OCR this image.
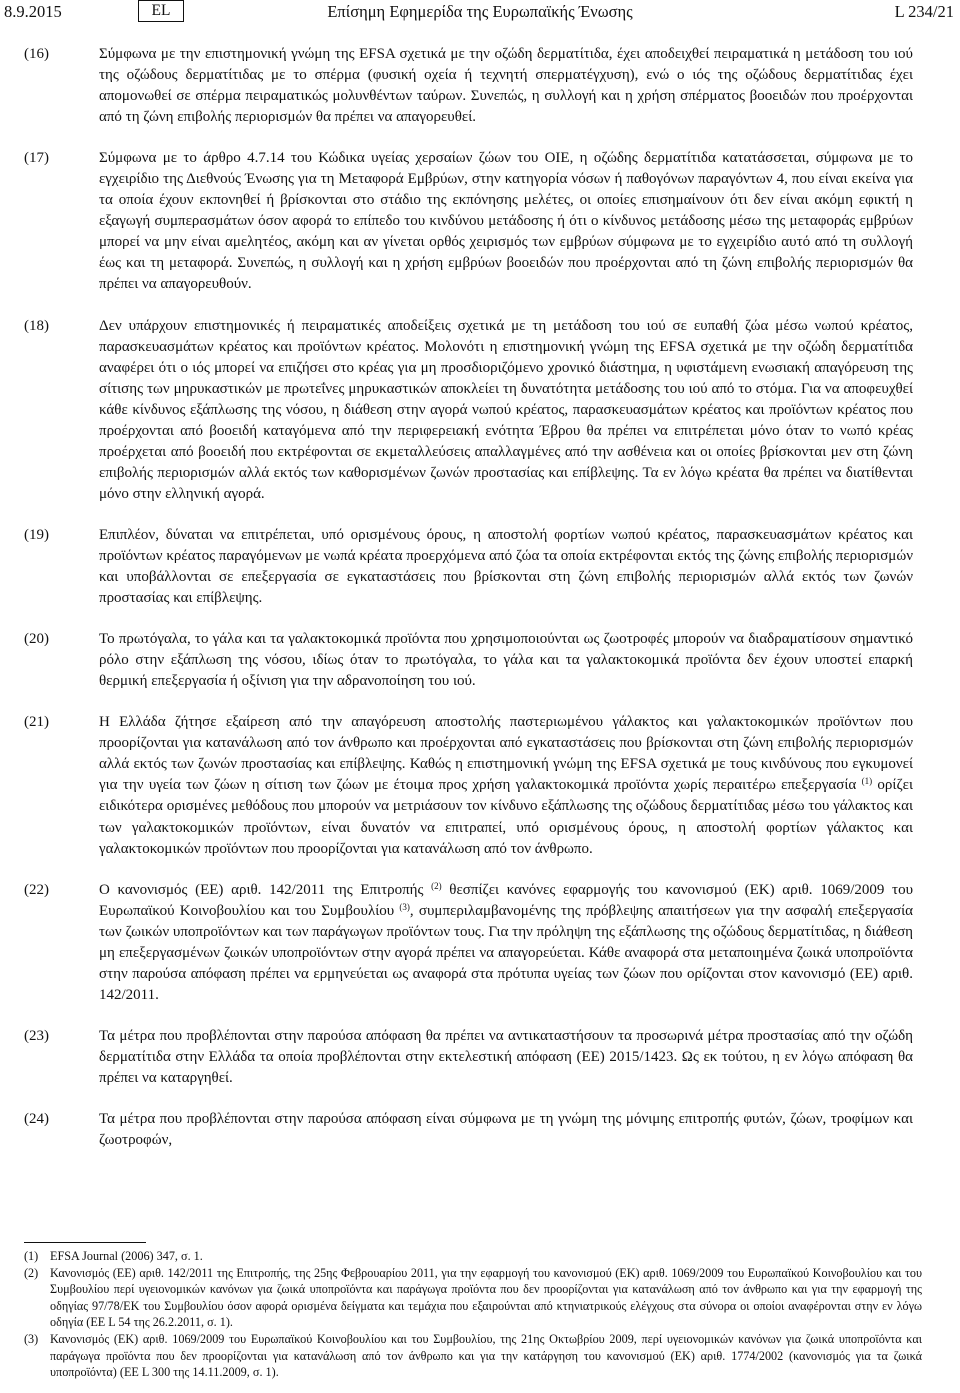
8.9.2015	EL	Επίσημη Εφημερίδα της Ευρωπαϊκής Ένωσης	L 234/21
(16)	Σύμφωνα με την επιστημονική γνώμη της EFSA σχετικά με την οζώδη δερματίτιδα, έχει αποδειχθεί πειραματικά η μετάδοση του ιού της οζώδους δερματίτιδας με το σπέρμα (φυσική οχεία ή τεχνητή σπερματέγχυση), ενώ ο ιός της οζώδους δερματίτιδας έχει απομονωθεί σε σπέρμα πειραματικώς μολυνθέντων ταύρων. Συνεπώς, η συλλογή και η χρήση σπέρματος βοοειδών που προέρχονται από τη ζώνη επιβολής περιορισμών θα πρέπει να απαγορευθεί.
(17)	Σύμφωνα με το άρθρο 4.7.14 του Κώδικα υγείας χερσαίων ζώων του OIE, η οζώδης δερματίτιδα κατατάσσεται, σύμφωνα με το εγχειρίδιο της Διεθνούς Ένωσης για τη Μεταφορά Εμβρύων, στην κατηγορία νόσων ή παθογόνων παραγόντων 4, που είναι εκείνα για τα οποία έχουν εκπονηθεί ή βρίσκονται στο στάδιο της εκπόνησης μελέτες, οι οποίες επισημαίνουν ότι δεν είναι ακόμη εφικτή η εξαγωγή συμπερασμάτων όσον αφορά το επίπεδο του κινδύνου μετάδοσης ή ότι ο κίνδυνος μετάδοσης μέσω της μεταφοράς εμβρύων μπορεί να μην είναι αμελητέος, ακόμη και αν γίνεται ορθός χειρισμός των εμβρύων σύμφωνα με το εγχειρίδιο αυτό από τη συλλογή έως και τη μεταφορά. Συνεπώς, η συλλογή και η χρήση εμβρύων βοοειδών που προέρχονται από τη ζώνη επιβολής περιορισμών θα πρέπει να απαγορευθούν.
(18)	Δεν υπάρχουν επιστημονικές ή πειραματικές αποδείξεις σχετικά με τη μετάδοση του ιού σε ευπαθή ζώα μέσω νωπού κρέατος, παρασκευασμάτων κρέατος και προϊόντων κρέατος. Μολονότι η επιστημονική γνώμη της EFSA σχετικά με την οζώδη δερματίτιδα αναφέρει ότι ο ιός μπορεί να επιζήσει στο κρέας για μη προσδιοριζόμενο χρονικό διάστημα, η υφιστάμενη ενωσιακή απαγόρευση της σίτισης των μηρυκαστικών με πρωτεΐνες μηρυκαστικών αποκλείει τη δυνατότητα μετάδοσης του ιού από το στόμα. Για να αποφευχθεί κάθε κίνδυνος εξάπλωσης της νόσου, η διάθεση στην αγορά νωπού κρέατος, παρασκευασμάτων κρέατος και προϊόντων κρέατος που προέρχονται από βοοειδή καταγόμενα από την περιφερειακή ενότητα Έβρου θα πρέπει να επιτρέπεται μόνο όταν το νωπό κρέας προέρχεται από βοοειδή που εκτρέφονται σε εκμεταλλεύσεις απαλλαγμένες από την ασθένεια και οι οποίες βρίσκονται μεν στη ζώνη επιβολής περιορισμών αλλά εκτός των καθορισμένων ζωνών προστασίας και επίβλεψης. Τα εν λόγω κρέατα θα πρέπει να διατίθενται μόνο στην ελληνική αγορά.
(19)	Επιπλέον, δύναται να επιτρέπεται, υπό ορισμένους όρους, η αποστολή φορτίων νωπού κρέατος, παρασκευασμάτων κρέατος και προϊόντων κρέατος παραγόμενων με νωπά κρέατα προερχόμενα από ζώα τα οποία εκτρέφονται εκτός της ζώνης επιβολής περιορισμών και υποβάλλονται σε επεξεργασία σε εγκαταστάσεις που βρίσκονται στη ζώνη επιβολής περιορισμών αλλά εκτός των ζωνών προστασίας και επίβλεψης.
(20)	Το πρωτόγαλα, το γάλα και τα γαλακτοκομικά προϊόντα που χρησιμοποιούνται ως ζωοτροφές μπορούν να διαδραματίσουν σημαντικό ρόλο στην εξάπλωση της νόσου, ιδίως όταν το πρωτόγαλα, το γάλα και τα γαλακτοκομικά προϊόντα δεν έχουν υποστεί επαρκή θερμική επεξεργασία ή οξίνιση για την αδρανοποίηση του ιού.
(21)	Η Ελλάδα ζήτησε εξαίρεση από την απαγόρευση αποστολής παστεριωμένου γάλακτος και γαλακτοκομικών προϊόντων που προορίζονται για κατανάλωση από τον άνθρωπο και προέρχονται από εγκαταστάσεις που βρίσκονται στη ζώνη επιβολής περιορισμών αλλά εκτός των ζωνών προστασίας και επίβλεψης. Καθώς η επιστημονική γνώμη της EFSA σχετικά με τους κινδύνους που εγκυμονεί για την υγεία των ζώων η σίτιση των ζώων με έτοιμα προς χρήση γαλακτοκομικά προϊόντα χωρίς περαιτέρω επεξεργασία $^{(1)}$ ορίζει ειδικότερα ορισμένες μεθόδους που μπορούν να μετριάσουν τον κίνδυνο εξάπλωσης της οζώδους δερματίτιδας μέσω του γάλακτος και των γαλακτοκομικών προϊόντων, είναι δυνατόν να επιτραπεί, υπό ορισμένους όρους, η αποστολή φορτίων γάλακτος και γαλακτοκομικών προϊόντων που προορίζονται για κατανάλωση από τον άνθρωπο.
(22)	Ο κανονισμός (ΕΕ) αριθ. 142/2011 της Επιτροπής $^{(2)}$ θεσπίζει κανόνες εφαρμογής του κανονισμού (ΕΚ) αριθ. 1069/2009 του Ευρωπαϊκού Κοινοβουλίου και του Συμβουλίου $^{(3)}$, συμπεριλαμβανομένης της πρόβλεψης απαιτήσεων για την ασφαλή επεξεργασία των ζωικών υποπροϊόντων και των παράγωγων προϊόντων τους. Για την πρόληψη της εξάπλωσης της οζώδους δερματίτιδας, η διάθεση μη επεξεργασμένων ζωικών υποπροϊόντων στην αγορά πρέπει να απαγορεύεται. Κάθε αναφορά στα μεταποιημένα ζωικά υποπροϊόντα στην παρούσα απόφαση πρέπει να ερμηνεύεται ως αναφορά στα πρότυπα υγείας των ζώων που ορίζονται στον κανονισμό (ΕΕ) αριθ. 142/2011.
(23)	Τα μέτρα που προβλέπονται στην παρούσα απόφαση θα πρέπει να αντικαταστήσουν τα προσωρινά μέτρα προστασίας από την οζώδη δερματίτιδα στην Ελλάδα τα οποία προβλέπονται στην εκτελεστική απόφαση (ΕΕ) 2015/1423. Ως εκ τούτου, η εν λόγω απόφαση θα πρέπει να καταργηθεί.
(24)	Τα μέτρα που προβλέπονται στην παρούσα απόφαση είναι σύμφωνα με τη γνώμη της μόνιμης επιτροπής φυτών, ζώων, τροφίμων και ζωοτροφών,
(1) EFSA Journal (2006) 347, σ. 1.
(2) Κανονισμός (ΕΕ) αριθ. 142/2011 της Επιτροπής, της 25ης Φεβρουαρίου 2011, για την εφαρμογή του κανονισμού (ΕΚ) αριθ. 1069/2009 του Ευρωπαϊκού Κοινοβουλίου και του Συμβουλίου περί υγειονομικών κανόνων για ζωικά υποπροϊόντα και παράγωγα προϊόντα που δεν προορίζονται για κατανάλωση από τον άνθρωπο και για την εφαρμογή της οδηγίας 97/78/ΕΚ του Συμβουλίου όσον αφορά ορισμένα δείγματα και τεμάχια που εξαιρούνται από κτηνιατρικούς ελέγχους στα σύνορα οι οποίοι αναφέρονται στην εν λόγω οδηγία (ΕΕ L 54 της 26.2.2011, σ. 1).
(3) Κανονισμός (ΕΚ) αριθ. 1069/2009 του Ευρωπαϊκού Κοινοβουλίου και του Συμβουλίου, της 21ης Οκτωβρίου 2009, περί υγειονομικών κανόνων για ζωικά υποπροϊόντα και παράγωγα προϊόντα που δεν προορίζονται για κατανάλωση από τον άνθρωπο και για την κατάργηση του κανονισμού (ΕΚ) αριθ. 1774/2002 (κανονισμός για τα ζωικά υποπροϊόντα) (ΕΕ L 300 της 14.11.2009, σ. 1).
